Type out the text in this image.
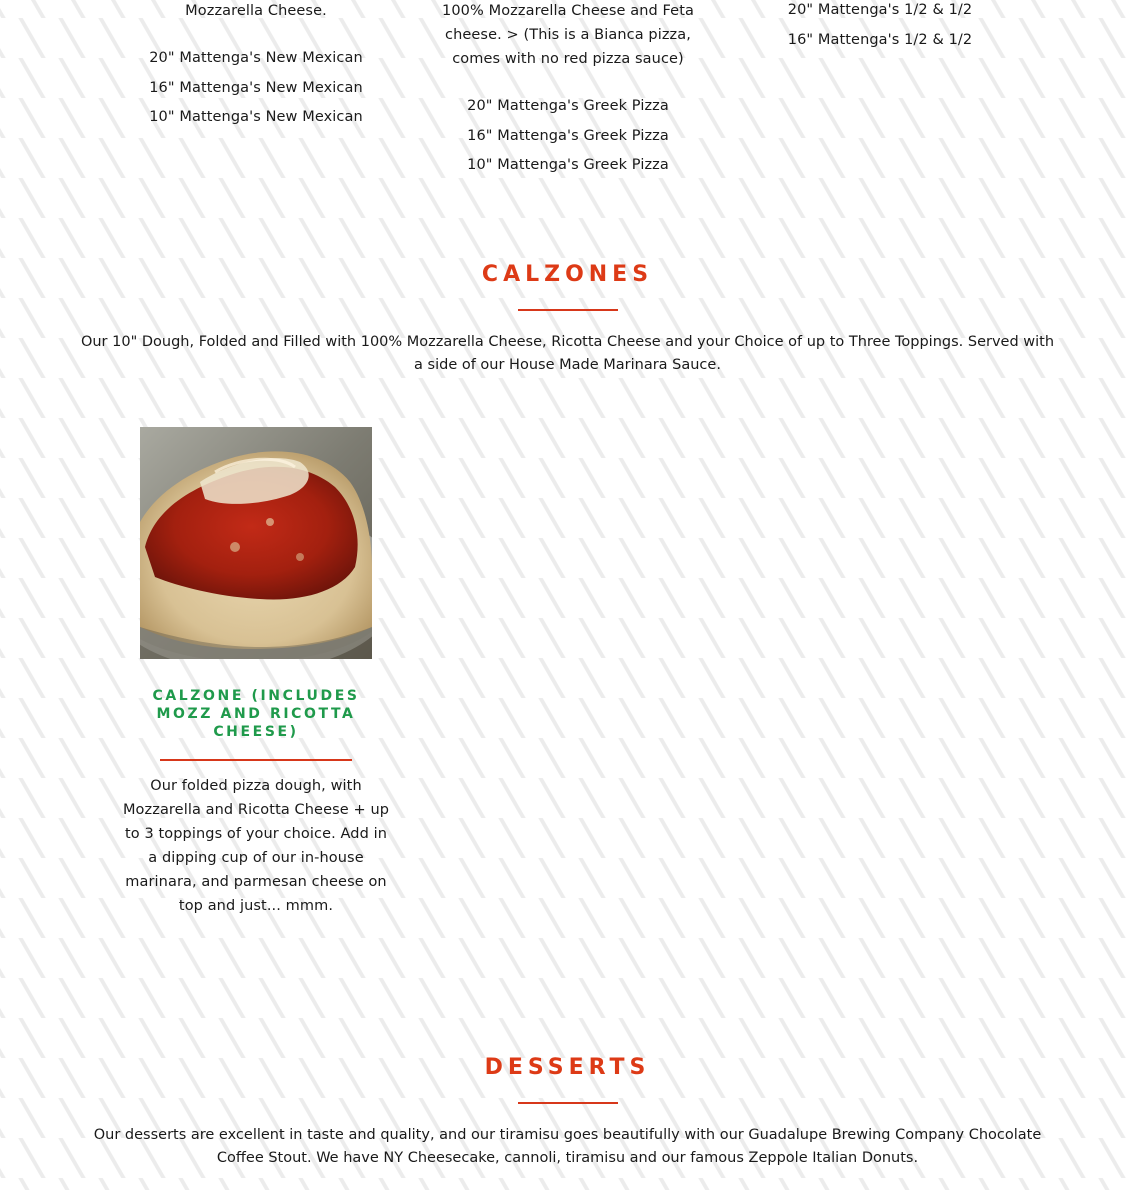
Mozzarella Cheese.
20" Mattenga's New Mexican
16" Mattenga's New Mexican
10" Mattenga's New Mexican
100% Mozzarella Cheese and Feta
cheese. > (This is a Bianca pizza,
comes with no red pizza sauce)
20" Mattenga's Greek Pizza
16" Mattenga's Greek Pizza
10" Mattenga's Greek Pizza
20" Mattenga's 1/2 & 1/2
16" Mattenga's 1/2 & 1/2
CALZONES
Our 10" Dough, Folded and Filled with 100% Mozzarella Cheese, Ricotta Cheese and your Choice of up to Three Toppings. Served with
a side of our House Made Marinara Sauce.
CALZONE (INCLUDES
MOZZ AND RICOTTA
CHEESE)
Our folded pizza dough, with
Mozzarella and Ricotta Cheese + up
to 3 toppings of your choice. Add in
a dipping cup of our in-house
marinara, and parmesan cheese on
top and just... mmm.
DESSERTS
Our desserts are excellent in taste and quality, and our tiramisu goes beautifully with our Guadalupe Brewing Company Chocolate
Coffee Stout. We have NY Cheesecake, cannoli, tiramisu and our famous Zeppole Italian Donuts.
